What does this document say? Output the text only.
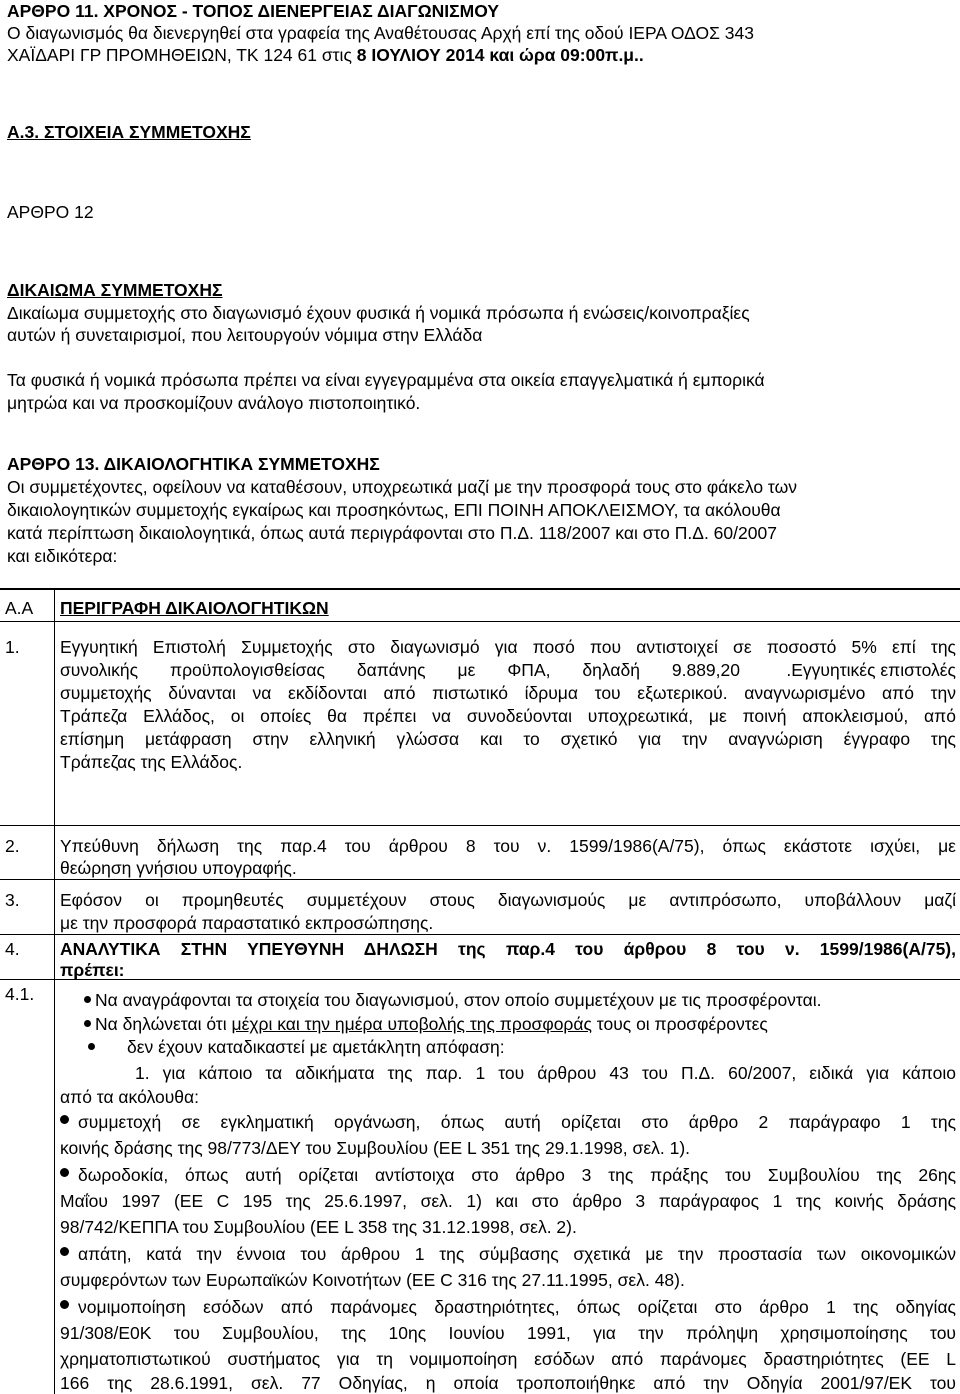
ΑΡΘΡΟ 11. ΧΡΟΝΟΣ - ΤΟΠΟΣ ΔΙΕΝΕΡΓΕΙΑΣ ΔΙΑΓΩΝΙΣΜΟΥ
Ο διαγωνισμός θα διενεργηθεί στα γραφεία της Αναθέτουσας Αρχή επί της οδού ΙΕΡΑ ΟΔΟΣ 343
ΧΑΪΔΑΡΙ ΓΡ ΠΡΟΜΗΘΕΙΩΝ, ΤΚ 124 61 στις 8 ΙΟΥΛΙΟΥ 2014 και ώρα 09:00π.μ..
Α.3. ΣΤΟΙΧΕΙΑ ΣΥΜΜΕΤΟΧΗΣ
ΑΡΘΡΟ 12
ΔΙΚΑΙΩΜΑ ΣΥΜΜΕΤΟΧΗΣ
Δικαίωμα συμμετοχής στο διαγωνισμό έχουν φυσικά ή νομικά πρόσωπα ή ενώσεις/κοινοπραξίες
αυτών ή συνεταιρισμοί, που λειτουργούν νόμιμα στην Ελλάδα
Τα φυσικά ή νομικά πρόσωπα πρέπει να είναι εγγεγραμμένα στα οικεία επαγγελματικά ή εμπορικά
μητρώα και να προσκομίζουν ανάλογο πιστοποιητικό.
ΑΡΘΡΟ 13. ΔΙΚΑΙΟΛΟΓΗΤΙΚΑ ΣΥΜΜΕΤΟΧΗΣ
Οι συμμετέχοντες, οφείλουν να καταθέσουν, υποχρεωτικά μαζί με την προσφορά τους στο φάκελο των
δικαιολογητικών συμμετοχής εγκαίρως και προσηκόντως, ΕΠΙ ΠΟΙΝΗ ΑΠΟΚΛΕΙΣΜΟΥ, τα ακόλουθα
κατά περίπτωση δικαιολογητικά, όπως αυτά περιγράφονται στο Π.Δ. 118/2007 και στο Π.Δ. 60/2007
και ειδικότερα:
Α.Α ΠΕΡΙΓΡΑΦΗ ΔΙΚΑΙΟΛΟΓΗΤΙΚΩΝ
1. Εγγυητική Επιστολή Συμμετοχής στο διαγωνισμό για ποσό που αντιστοιχεί σε ποσοστό 5% επί της
συνολικής προϋπολογισθείσας δαπάνης με ΦΠΑ, δηλαδή 9.889,20	.Εγγυητικές επιστολές
συμμετοχής δύνανται να εκδίδονται από πιστωτικό ίδρυμα του εξωτερικού. αναγνωρισμένο από την
Τράπεζα Ελλάδος, οι οποίες θα πρέπει να συνοδεύονται υποχρεωτικά, με ποινή αποκλεισμού, από
επίσημη μετάφραση στην ελληνική γλώσσα και το σχετικό για την αναγνώριση έγγραφο της
Τράπεζας της Ελλάδος.
2. Υπεύθυνη δήλωση της παρ.4 του άρθρου 8 του ν. 1599/1986(Α/75), όπως εκάστοτε ισχύει, με
θεώρηση γνήσιου υπογραφής.
3. Εφόσον οι προμηθευτές συμμετέχουν στους διαγωνισμούς με αντιπρόσωπο, υποβάλλουν μαζί
με την προσφορά παραστατικό εκπροσώπησης.
4. ΑΝΑΛΥΤΙΚΑ ΣΤΗΝ ΥΠΕΥΘΥΝΗ ΔΗΛΩΣΗ της παρ.4 του άρθρου 8 του ν. 1599/1986(Α/75),
πρέπει:
4.1.	Να αναγράφονται τα στοιχεία του διαγωνισμού, στον οποίο συμμετέχουν με τις προσφέρονται.
Να δηλώνεται ότι μέχρι και την ημέρα υποβολής της προσφοράς τους οι προσφέροντες
δεν έχουν καταδικαστεί με αμετάκλητη απόφαση:
1. για κάποιο τα αδικήματα της παρ. 1 του άρθρου 43 του Π.Δ. 60/2007, ειδικά για κάποιο
από τα ακόλουθα:
συμμετοχή σε εγκληματική οργάνωση, όπως αυτή ορίζεται στο άρθρο 2 παράγραφο 1 της
κοινής δράσης της 98/773/ΔΕΥ του Συμβουλίου (ΕΕ L 351 της 29.1.1998, σελ. 1).
δωροδοκία, όπως αυτή ορίζεται αντίστοιχα στο άρθρο 3 της πράξης του Συμβουλίου της 26ης
Μαΐου 1997 (ΕΕ C 195 της 25.6.1997, σελ. 1) και στο άρθρο 3 παράγραφος 1 της κοινής δράσης
98/742/ΚΕΠΠΑ του Συμβουλίου (ΕΕ L 358 της 31.12.1998, σελ. 2).
απάτη, κατά την έννοια του άρθρου 1 της σύμβασης σχετικά με την προστασία των οικονομικών
συμφερόντων των Ευρωπαϊκών Κοινοτήτων (ΕΕ C 316 της 27.11.1995, σελ. 48).
νομιμοποίηση εσόδων από παράνομες δραστηριότητες, όπως ορίζεται στο άρθρο 1 της οδηγίας
91/308/Ε0Κ του Συμβουλίου, της 10ης Ιουνίου 1991, για την πρόληψη χρησιμοποίησης του
χρηματοπιστωτικού συστήματος για τη νομιμοποίηση εσόδων από παράνομες δραστηριότητες (ΕΕ L
166 της 28.6.1991, σελ. 77 Οδηγίας, η οποία τροποποιήθηκε από την Οδηγία 2001/97/ΕΚ του
